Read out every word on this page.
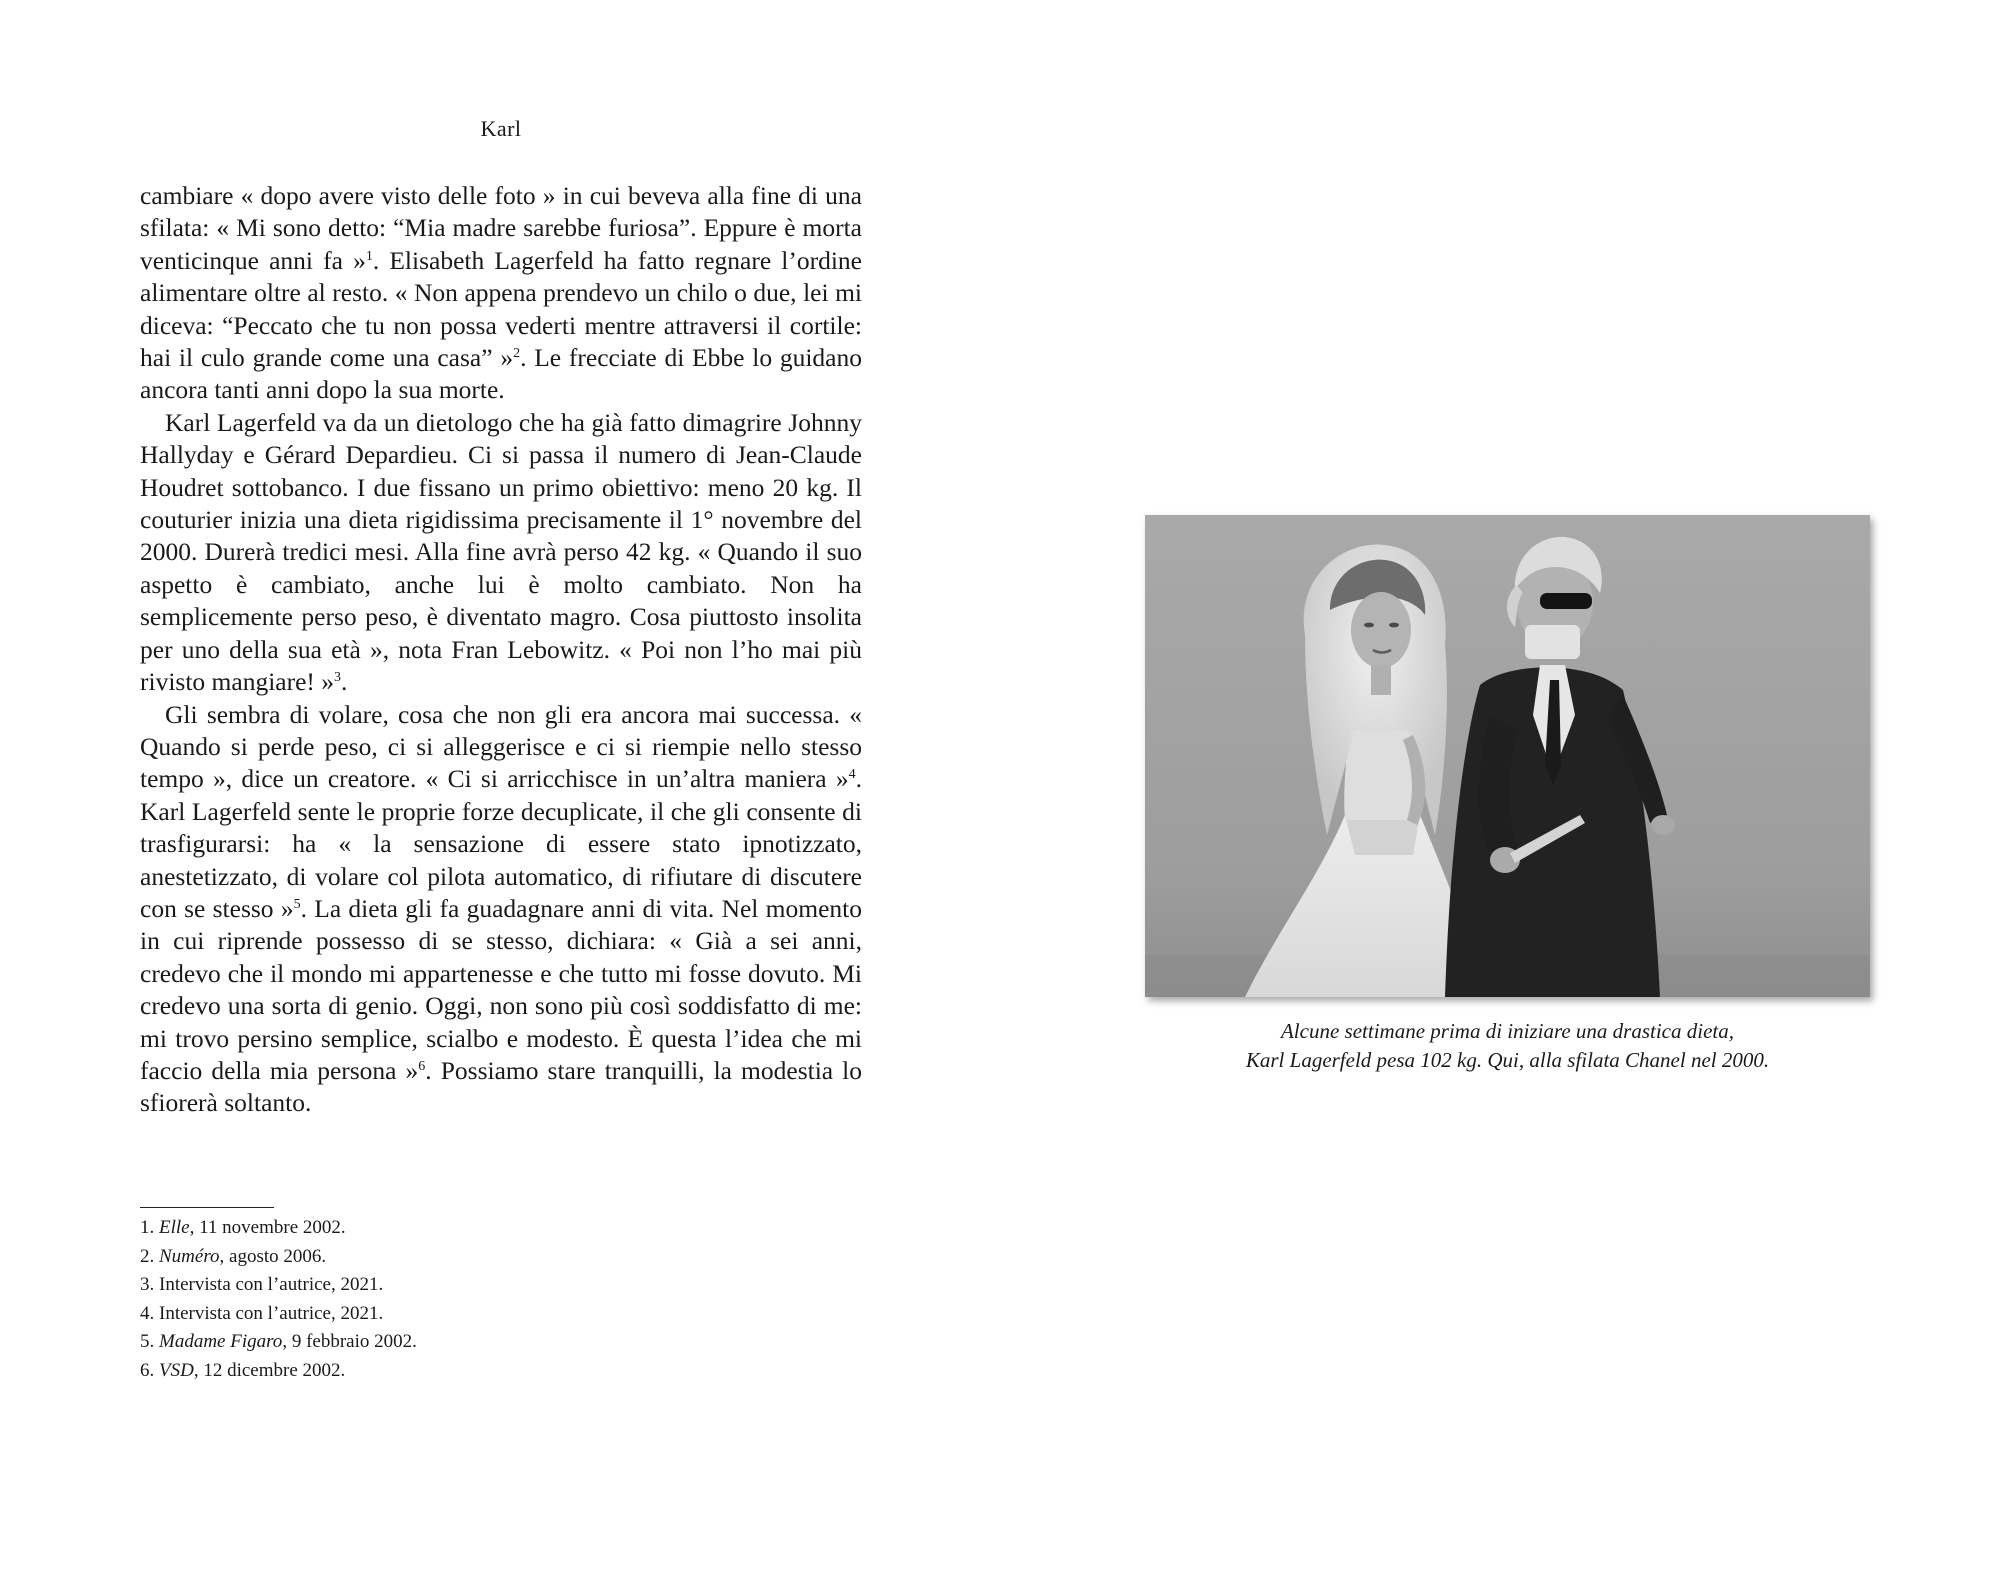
Karl

cambiare « dopo avere visto delle foto » in cui beveva alla fine di una sfilata: « Mi sono detto: “Mia madre sarebbe furiosa”. Eppure è morta venticinque anni fa »$^1$. Elisabeth Lagerfeld ha fatto regnare l’ordine alimentare oltre al resto. « Non appena prendevo un chilo o due, lei mi diceva: “Peccato che tu non possa vederti mentre attraversi il cortile: hai il culo grande come una casa” »$^2$. Le frecciate di Ebbe lo guidano ancora tanti anni dopo la sua morte.

Karl Lagerfeld va da un dietologo che ha già fatto dimagrire Johnny Hallyday e Gérard Depardieu. Ci si passa il numero di Jean-Claude Houdret sottobanco. I due fissano un primo obiettivo: meno 20 kg. Il couturier inizia una dieta rigidissima precisamente il 1° novembre del 2000. Durerà tredici mesi. Alla fine avrà perso 42 kg. « Quando il suo aspetto è cambiato, anche lui è molto cambiato. Non ha semplicemente perso peso, è diventato magro. Cosa piuttosto insolita per uno della sua età », nota Fran Lebowitz. « Poi non l’ho mai più rivisto mangiare! »$^3$.

Gli sembra di volare, cosa che non gli era ancora mai successa. « Quando si perde peso, ci si alleggerisce e ci si riempie nello stesso tempo », dice un creatore. « Ci si arricchisce in un’altra maniera »$^4$. Karl Lagerfeld sente le proprie forze decuplicate, il che gli consente di trasfigurarsi: ha « la sensazione di essere stato ipnotizzato, anestetizzato, di volare col pilota automatico, di rifiutare di discutere con se stesso »$^5$. La dieta gli fa guadagnare anni di vita. Nel momento in cui riprende possesso di se stesso, dichiara: « Già a sei anni, credevo che il mondo mi appartenesse e che tutto mi fosse dovuto. Mi credevo una sorta di genio. Oggi, non sono più così soddisfatto di me: mi trovo persino semplice, scialbo e modesto. È questa l’idea che mi faccio della mia persona »$^6$. Possiamo stare tranquilli, la modestia lo sfiorerà soltanto.

1. Elle, 11 novembre 2002.
2. Numéro, agosto 2006.
3. Intervista con l’autrice, 2021.
4. Intervista con l’autrice, 2021.
5. Madame Figaro, 9 febbraio 2002.
6. VSD, 12 dicembre 2002.
Alcune settimane prima di iniziare una drastica dieta,
Karl Lagerfeld pesa 102 kg. Qui, alla sfilata Chanel nel 2000.
